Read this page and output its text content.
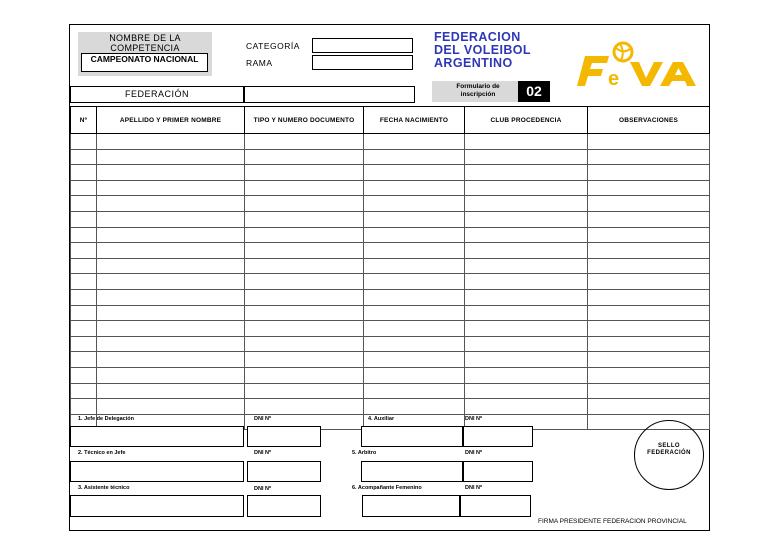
NOMBRE DE LA COMPETENCIA
CAMPEONATO NACIONAL
CATEGORÍA
RAMA
FEDERACION
DEL VOLEIBOL
ARGENTINO
e
Formulario de
inscripción	02
FEDERACIÓN
Nº	APELLIDO Y PRIMER NOMBRE	TIPO Y NUMERO DOCUMENTO	FECHA NACIMIENTO	CLUB PROCEDENCIA	OBSERVACIONES

1. Jefe de Delegación	DNI Nº	4. Auxiliar	DNI Nº
2. Técnico en Jefe	DNI Nº	5. Arbitro	DNI Nº
3. Asistente técnico	DNI Nº	6. Acompañante Femenino	DNI Nº
SELLO
FEDERACIÓN
FIRMA PRESIDENTE FEDERACION PROVINCIAL
